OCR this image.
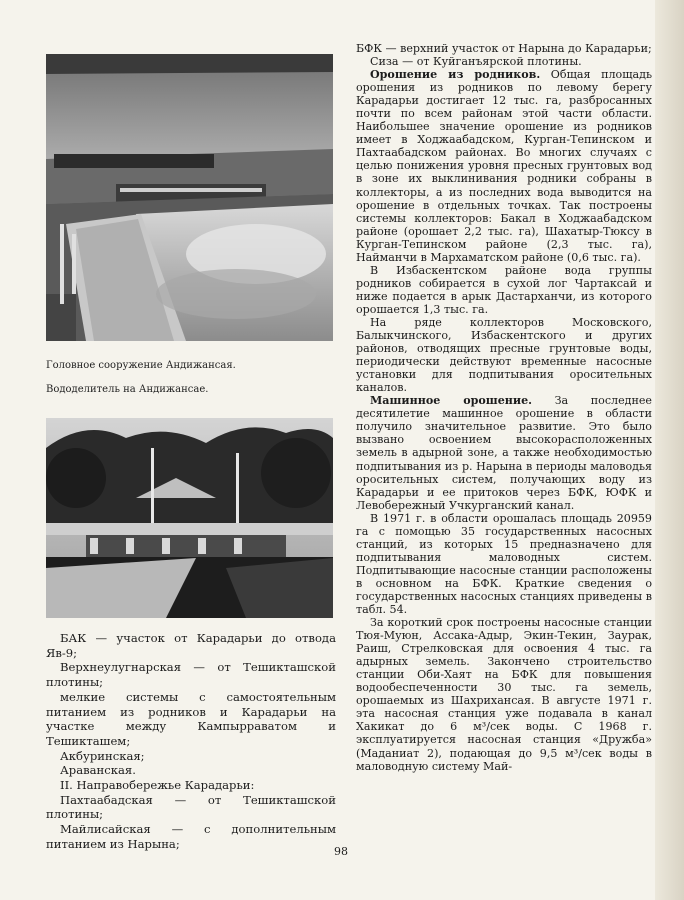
Головное сооружение Андижансая.
Вододелитель на Андижансае.

БФК — верхний участок от Нарына до Карадарьи;

Сиза — от Куйганъярской плотины.

Орошение из родников. Общая площадь орошения из родников по левому берегу Карадарьи достигает 12 тыс. га, разбросанных почти по всем районам этой части области. Наибольшее значение орошение из родников имеет в Ходжаабадском, Курган-Тепинском и Пахтаабадском районах. Во многих случаях с целью понижения уровня пресных грунтовых вод в зоне их выклинивания родники собраны в коллекторы, а из последних вода выводится на орошение в отдельных точках. Так построены системы коллекторов: Бакал в Ходжаабадском районе (орошает 2,2 тыс. га), Шахатыр-Тюксу в Курган-Тепинском районе (2,3 тыс. га), Найманчи в Мархаматском районе (0,6 тыс. га).

В Избаскентском районе вода группы родников собирается в сухой лог Чартаксай и ниже подается в арык Дастарханчи, из которого орошается 1,3 тыс. га.

На ряде коллекторов Московского, Балыкчинского, Избаскентского и других районов, отводящих пресные грунтовые воды, периодически действуют временные насосные установки для подпитывания оросительных каналов.

Машинное орошение. За последнее десятилетие машинное орошение в области получило значительное развитие. Это было вызвано освоением высокорасположенных земель в адырной зоне, а также необходимостью подпитывания из р. Нарына в периоды маловодья оросительных систем, получающих воду из Карадарьи и ее притоков через БФК, ЮФК и Левобережный Учкурганский канал.

В 1971 г. в области орошалась площадь 20959 га с помощью 35 государственных насосных станций, из которых 15 предназначено для подпитывания маловодных систем. Подпитывающие насосные станции расположены в основном на БФК. Краткие сведения о государственных насосных станциях приведены в табл. 54.

За короткий срок построены насосные станции Тюя-Муюн, Ассака-Адыр, Экин-Текин, Заурак, Раиш, Стрелковская для освоения 4 тыс. га адырных земель. Закончено строительство станции Оби-Хаят на БФК для повышения водообеспеченности 30 тыс. га земель, орошаемых из Шахрихансая. В августе 1971 г. эта насосная станция уже подавала в канал Хакикат до 6 м³/сек воды. С 1968 г. эксплуатируется насосная станция «Дружба» (Маданиат 2), подающая до 9,5 м³/сек воды в маловодную систему Май-

БАК — участок от Карадарьи до отвода Яв-9;

Верхнеулугнарская — от Тешикташской плотины;

мелкие системы с самостоятельным питанием из родников и Карадарьи на участке между Кампырраватом и Тешикташем;

Акбуринская;

Араванская.

II. Направобережье Карадарьи:

Пахтаабадская — от Тешикташской плотины;

Майлисайская — с дополнительным питанием из Нарына;

98
